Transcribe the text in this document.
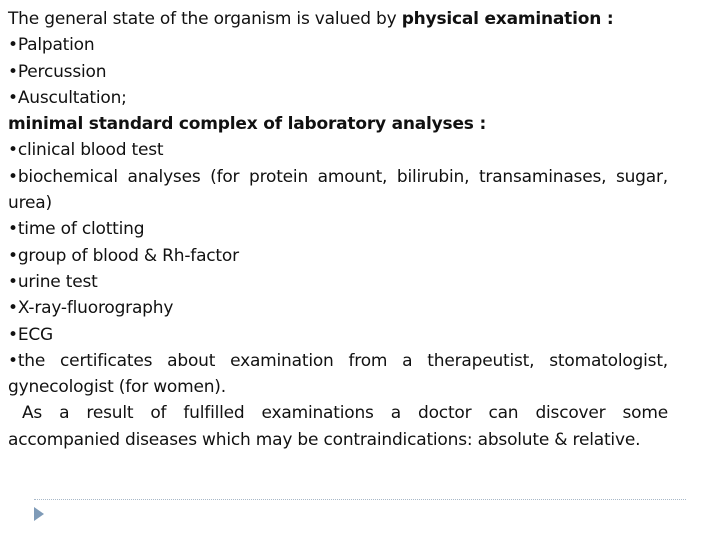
The general state of the organism is valued by physical examination :
•Palpation
•Percussion
•Auscultation;
minimal standard complex of laboratory analyses :
•clinical blood test
•biochemical analyses (for protein amount, bilirubin, transaminases, sugar,
urea)
•time of clotting
•group of blood & Rh-factor
•urine test
•X-ray-fluorography
•ECG
•the certificates about examination from a therapeutist, stomatologist,
gynecologist (for women).
As a result of fulfilled examinations a doctor can discover some
accompanied diseases which may be contraindications: absolute & relative.
